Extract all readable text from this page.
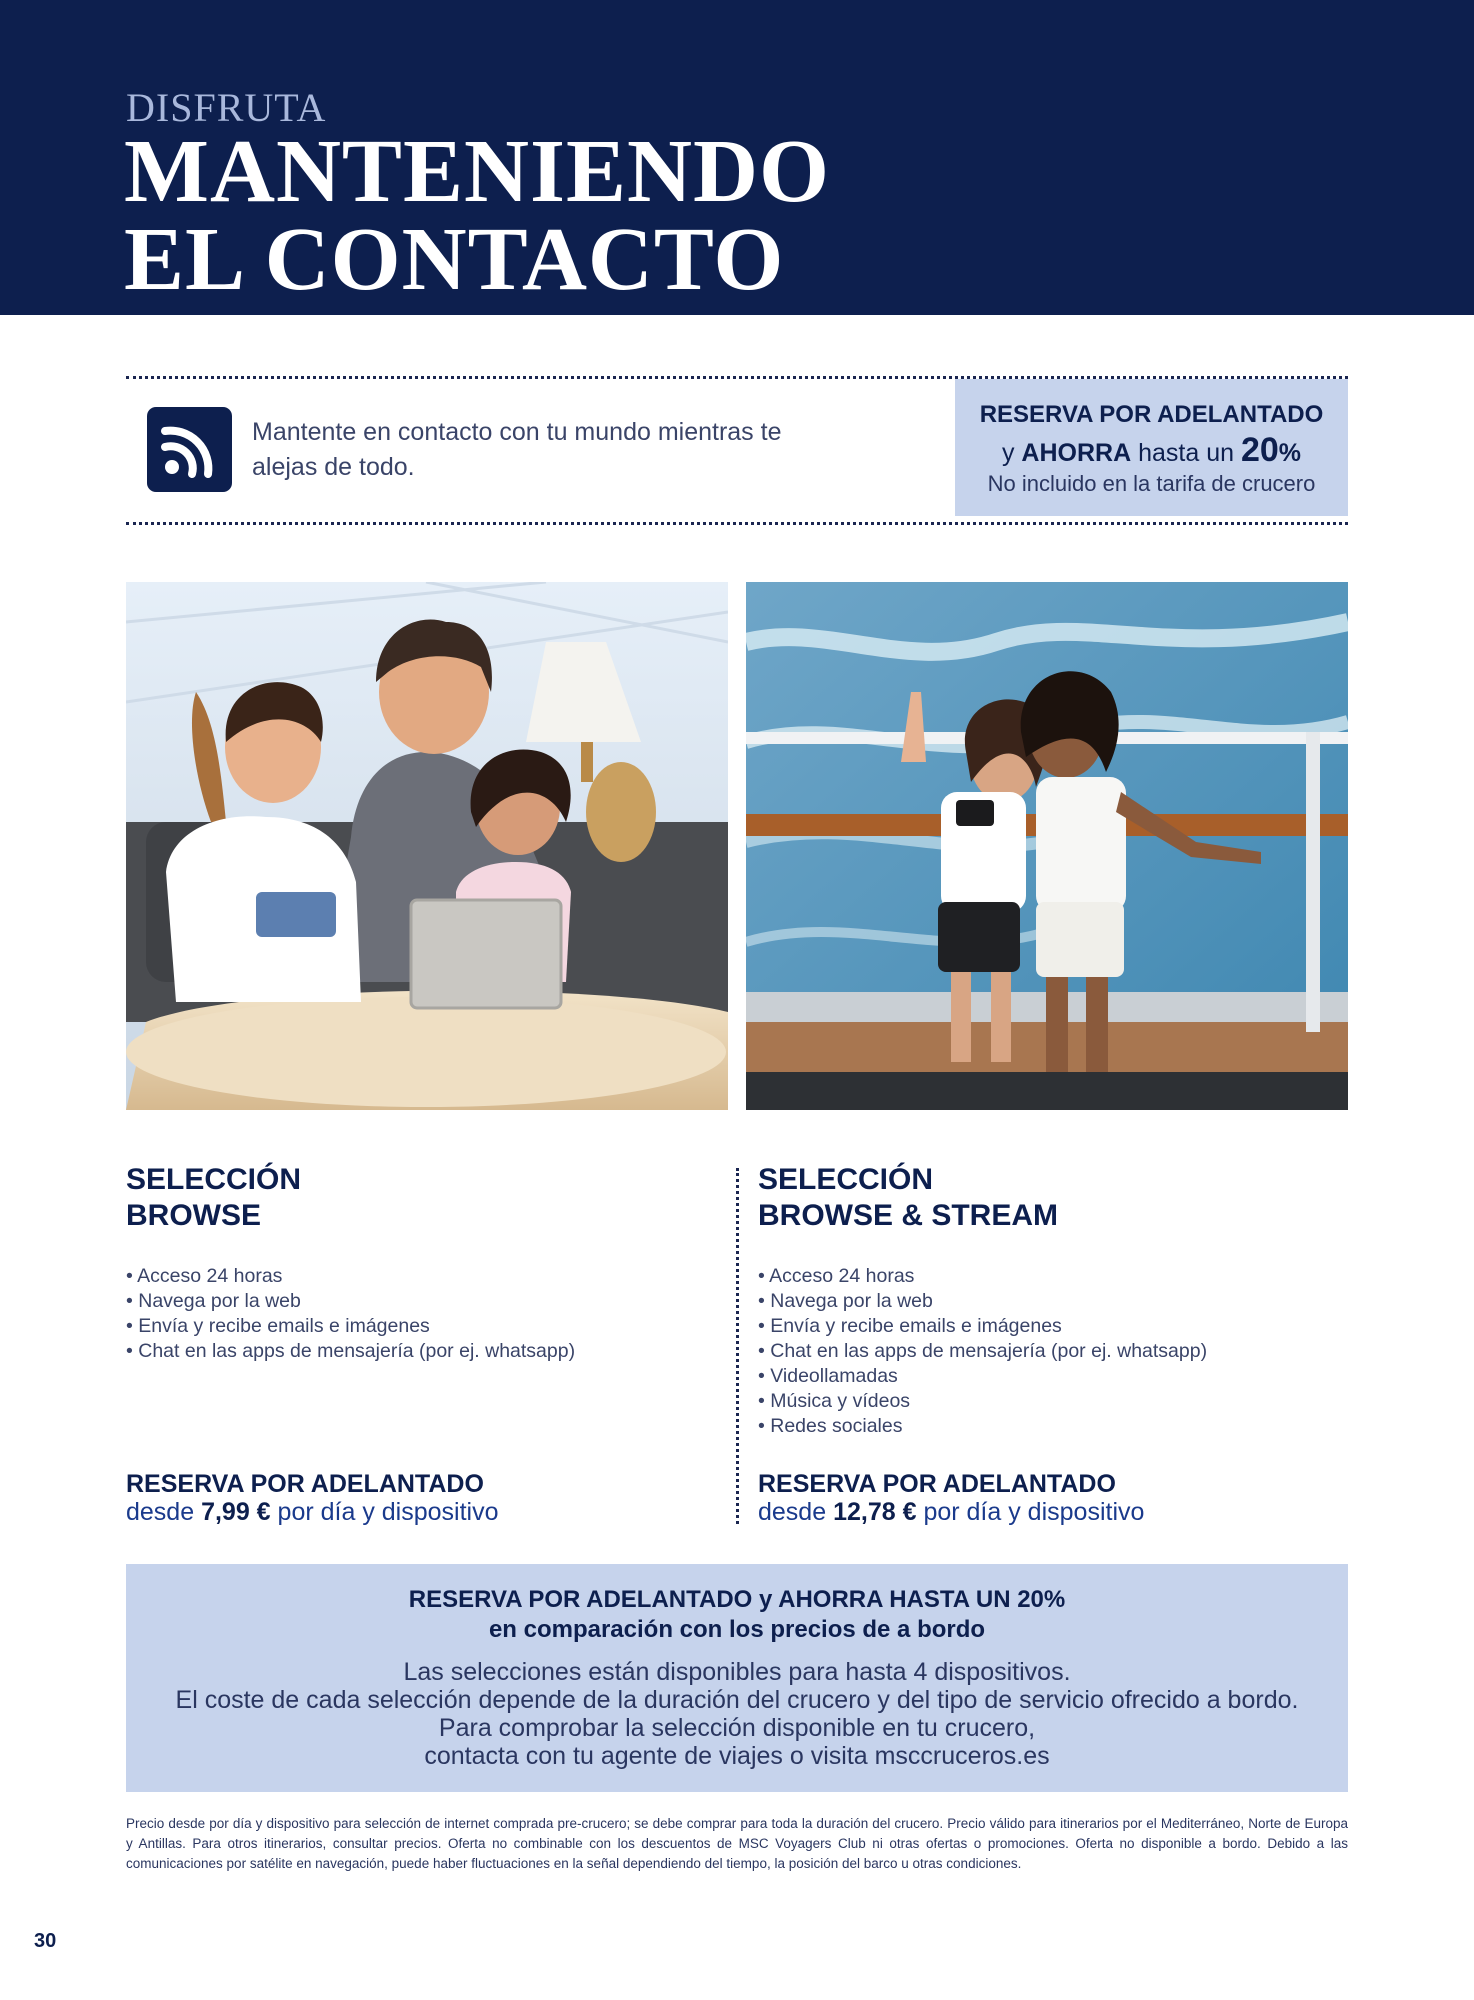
DISFRUTA
MANTENIENDO
EL CONTACTO
Mantente en contacto con tu mundo mientras te alejas de todo.
RESERVA POR ADELANTADO
y AHORRA hasta un 20%
No incluido en la tarifa de crucero
SELECCIÓN
BROWSE
• Acceso 24 horas
• Navega por la web
• Envía y recibe emails e imágenes
• Chat en las apps de mensajería (por ej. whatsapp)
RESERVA POR ADELANTADO
desde 7,99 € por día y dispositivo
SELECCIÓN
BROWSE & STREAM
• Acceso 24 horas
• Navega por la web
• Envía y recibe emails e imágenes
• Chat en las apps de mensajería (por ej. whatsapp)
• Videollamadas
• Música y vídeos
• Redes sociales
RESERVA POR ADELANTADO
desde 12,78 € por día y dispositivo
RESERVA POR ADELANTADO y AHORRA HASTA UN 20%
en comparación con los precios de a bordo
Las selecciones están disponibles para hasta 4 dispositivos.
El coste de cada selección depende de la duración del crucero y del tipo de servicio ofrecido a bordo.
Para comprobar la selección disponible en tu crucero,
contacta con tu agente de viajes o visita msccruceros.es
Precio desde por día y dispositivo para selección de internet comprada pre-crucero; se debe comprar para toda la duración del crucero. Precio válido para itinerarios por el Mediterráneo, Norte de Europa y Antillas. Para otros itinerarios, consultar precios. Oferta no combinable con los descuentos de MSC Voyagers Club ni otras ofertas o promociones. Oferta no disponible a bordo. Debido a las comunicaciones por satélite en navegación, puede haber fluctuaciones en la señal dependiendo del tiempo, la posición del barco u otras condiciones.
30
